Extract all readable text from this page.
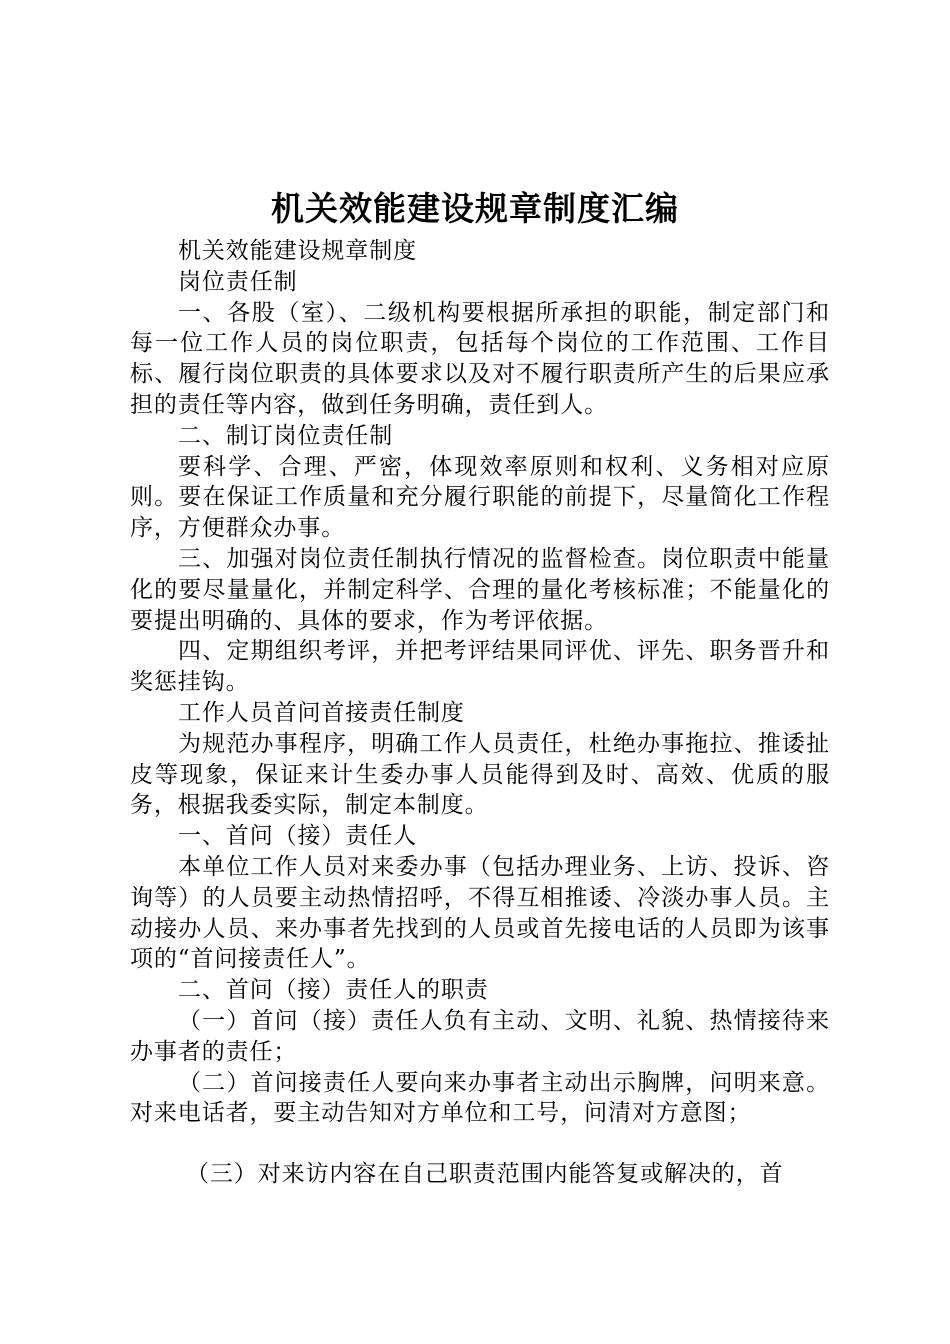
机关效能建设规章制度汇编

机关效能建设规章制度

岗位责任制

一、各股（室）、二级机构要根据所承担的职能，制定部门和每一位工作人员的岗位职责，包括每个岗位的工作范围、工作目标、履行岗位职责的具体要求以及对不履行职责所产生的后果应承担的责任等内容，做到任务明确，责任到人。

二、制订岗位责任制

要科学、合理、严密，体现效率原则和权利、义务相对应原则。要在保证工作质量和充分履行职能的前提下，尽量简化工作程序，方便群众办事。

三、加强对岗位责任制执行情况的监督检查。岗位职责中能量化的要尽量量化，并制定科学、合理的量化考核标准；不能量化的要提出明确的、具体的要求，作为考评依据。

四、定期组织考评，并把考评结果同评优、评先、职务晋升和奖惩挂钩。

工作人员首问首接责任制度

为规范办事程序，明确工作人员责任，杜绝办事拖拉、推诿扯皮等现象，保证来计生委办事人员能得到及时、高效、优质的服务，根据我委实际，制定本制度。

一、首问（接）责任人

本单位工作人员对来委办事（包括办理业务、上访、投诉、咨询等）的人员要主动热情招呼，不得互相推诿、冷淡办事人员。主动接办人员、来办事者先找到的人员或首先接电话的人员即为该事项的“首问接责任人”。

二、首问（接）责任人的职责

（一）首问（接）责任人负有主动、文明、礼貌、热情接待来办事者的责任；

（二）首问接责任人要向来办事者主动出示胸牌，问明来意。对来电话者，要主动告知对方单位和工号，问清对方意图；

（三）对来访内容在自己职责范围内能答复或解决的，首
